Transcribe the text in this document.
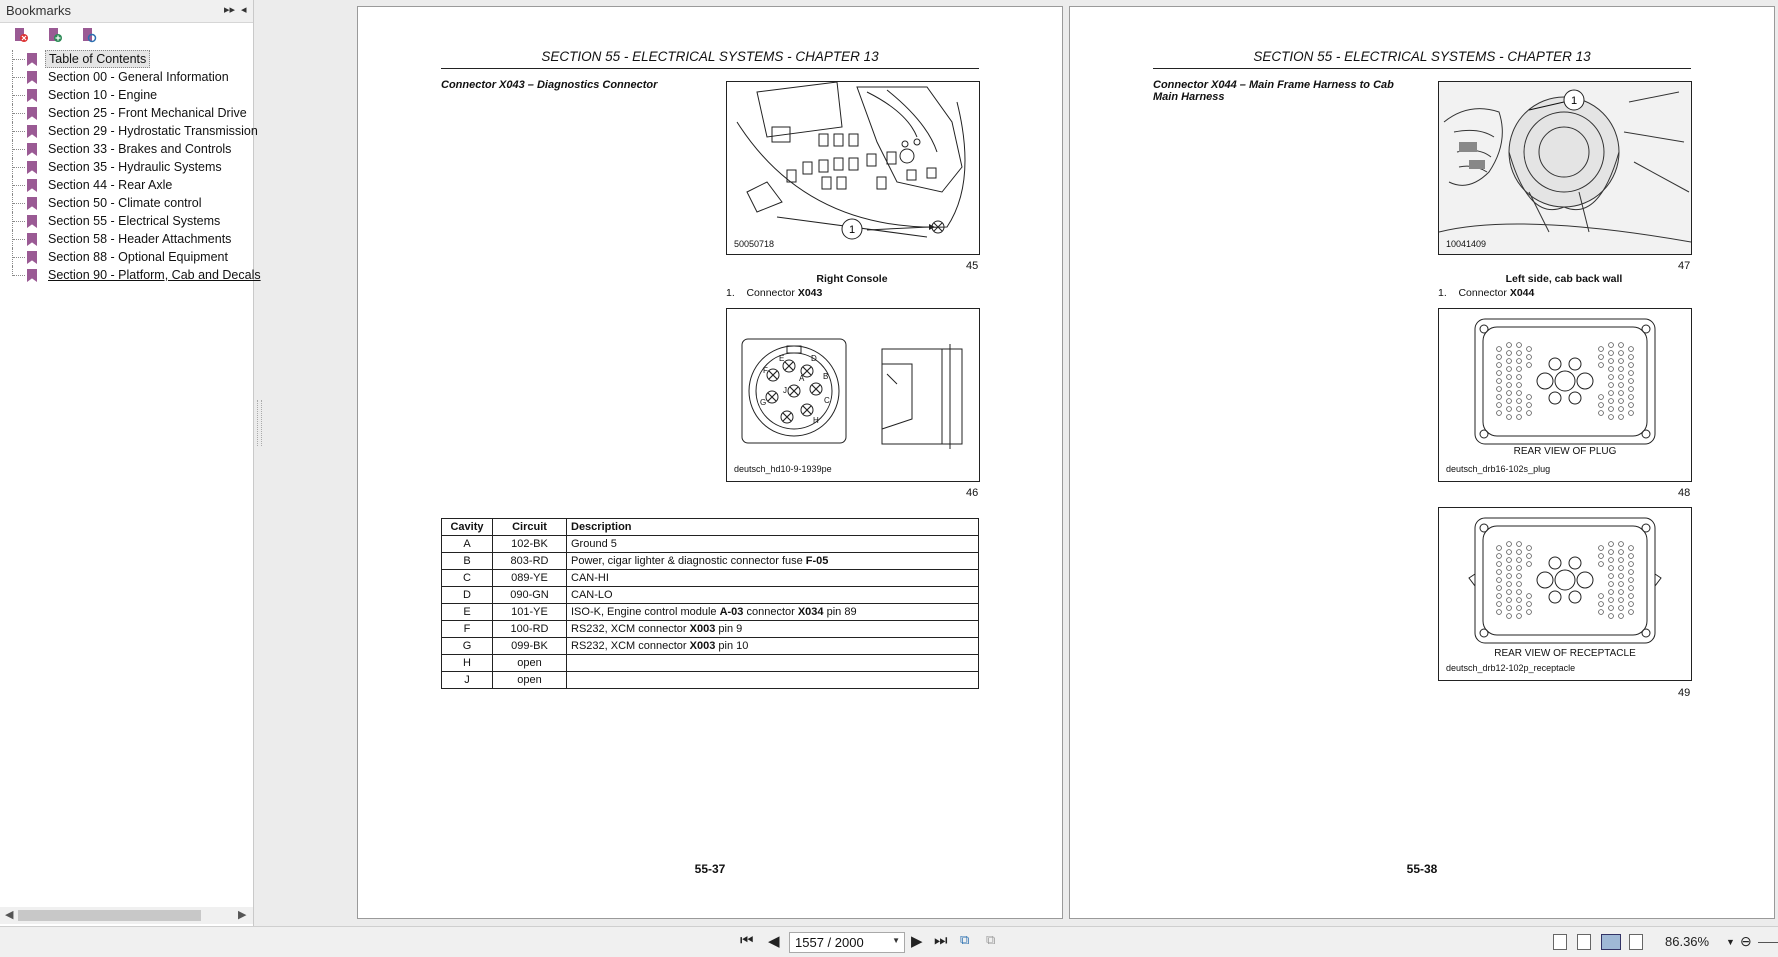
Bookmarks	▸▸ ◂
Table of Contents
Section 00 - General Information
Section 10 - Engine
Section 25 - Front Mechanical Drive
Section 29 - Hydrostatic Transmission
Section 33 - Brakes and Controls
Section 35 - Hydraulic Systems
Section 44 - Rear Axle
Section 50 - Climate control
Section 55 - Electrical Systems
Section 58 - Header Attachments
Section 88 - Optional Equipment
Section 90 - Platform, Cab and Decals
◀	▶
SECTION 55 - ELECTRICAL SYSTEMS - CHAPTER 13
Connector X043 – Diagnostics Connector
1
50050718
45
Right Console
1. Connector X043
A B
C
D
E
F
G
H
J
deutsch_hd10-9-1939pe
46
Cavity	Circuit	Description
A	102-BK	Ground 5
B	803-RD	Power, cigar lighter & diagnostic connector fuse F-05
C	089-YE	CAN-HI
D	090-GN	CAN-LO
E	101-YE	ISO-K, Engine control module A-03 connector X034 pin 89
F	100-RD	RS232, XCM connector X003 pin 9
G	099-BK	RS232, XCM connector X003 pin 10
H	open	
J	open	
55-37
SECTION 55 - ELECTRICAL SYSTEMS - CHAPTER 13
Connector X044 – Main Frame Harness to Cab Main Harness	1
10041409
47
Left side, cab back wall
1. Connector X044
REAR VIEW OF PLUG
deutsch_drb16-102s_plug
48
REAR VIEW OF RECEPTACLE
deutsch_drb12-102p_receptacle
49
55-38
⏮ ◀ 1557 / 2000	▼ ▶ ⏭ ⧉ ⧉	86.36% ▼ ⊖
